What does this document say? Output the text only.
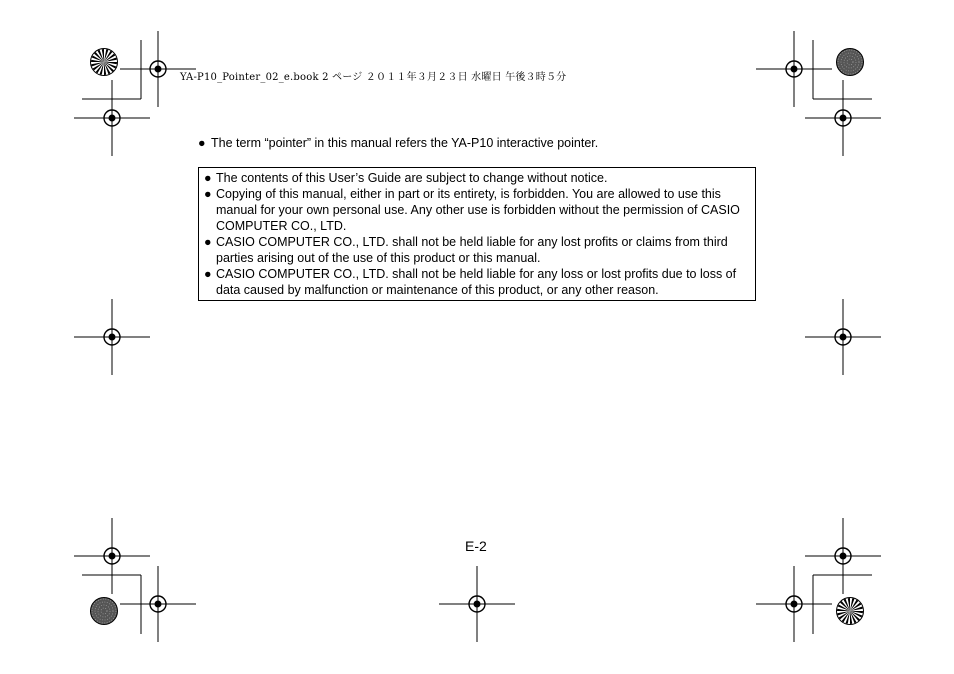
YA-P10_Pointer_02_e.book 2 ページ ２０１１年３月２３日 水曜日 午後３時５分
● The term “pointer” in this manual refers the YA-P10 interactive pointer.
● The contents of this User’s Guide are subject to change without notice.
● Copying of this manual, either in part or its entirety, is forbidden. You are allowed to use this manual for your own personal use. Any other use is forbidden without the permission of CASIO COMPUTER CO., LTD.
● CASIO COMPUTER CO., LTD. shall not be held liable for any lost profits or claims from third parties arising out of the use of this product or this manual.
● CASIO COMPUTER CO., LTD. shall not be held liable for any loss or lost profits due to loss of data caused by malfunction or maintenance of this product, or any other reason.
E-2
